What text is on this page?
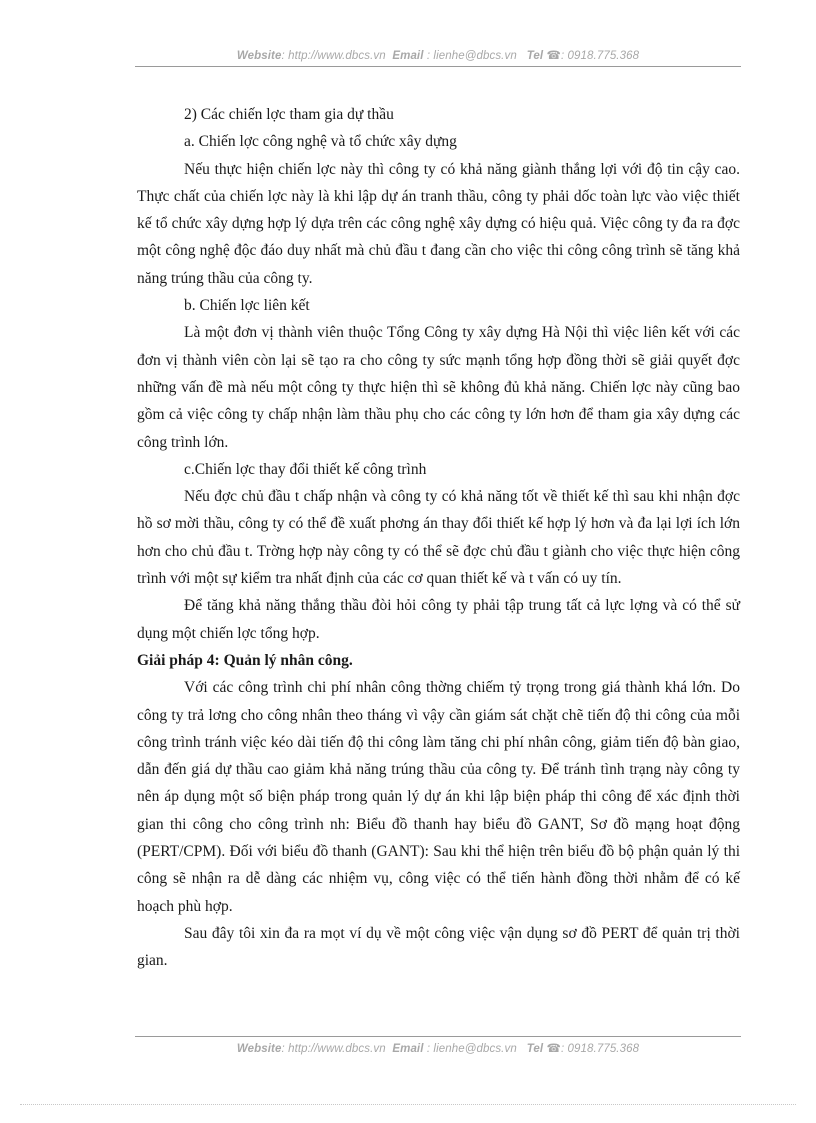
Website: http://www.dbcs.vn Email : lienhe@dbcs.vn Tel ☎: 0918.775.368

2) Các chiến lợc tham gia dự thầu

a. Chiến lợc công nghệ và tổ chức xây dựng

Nếu thực hiện chiến lợc này thì công ty có khả năng giành thắng lợi với độ tin cậy cao. Thực chất của chiến lợc này là khi lập dự án tranh thầu, công ty phải dốc toàn lực vào việc thiết kế tổ chức xây dựng hợp lý dựa trên các công nghệ xây dựng có hiệu quả. Việc công ty đa ra đợc một công nghệ độc đáo duy nhất mà chủ đầu t đang cần cho việc thi công công trình sẽ tăng khả năng trúng thầu của công ty.

b. Chiến lợc liên kết

Là một đơn vị thành viên thuộc Tổng Công ty xây dựng Hà Nội thì việc liên kết với các đơn vị thành viên còn lại sẽ tạo ra cho công ty sức mạnh tổng hợp đồng thời sẽ giải quyết đợc những vấn đề mà nếu một công ty thực hiện thì sẽ không đủ khả năng. Chiến lợc này cũng bao gồm cả việc công ty chấp nhận làm thầu phụ cho các công ty lớn hơn để tham gia xây dựng các công trình lớn.

c.Chiến lợc thay đổi thiết kế công trình

Nếu đợc chủ đầu t chấp nhận và công ty có khả năng tốt về thiết kế thì sau khi nhận đợc hồ sơ mời thầu, công ty có thể đề xuất phơng án thay đổi thiết kế hợp lý hơn và đa lại lợi ích lớn hơn cho chủ đầu t. Trờng hợp này công ty có thể sẽ đợc chủ đầu t giành cho việc thực hiện công trình với một sự kiểm tra nhất định của các cơ quan thiết kế và t vấn có uy tín.

Để tăng khả năng thắng thầu đòi hỏi công ty phải tập trung tất cả lực lợng và có thể sử dụng một chiến lợc tổng hợp.

Giải pháp 4: Quản lý nhân công.

Với các công trình chi phí nhân công thờng chiếm tỷ trọng trong giá thành khá lớn. Do công ty trả lơng cho công nhân theo tháng vì vậy cần giám sát chặt chẽ tiến độ thi công của mỗi công trình tránh việc kéo dài tiến độ thi công làm tăng chi phí nhân công, giảm tiến độ bàn giao, dẫn đến giá dự thầu cao giảm khả năng trúng thầu của công ty. Để tránh tình trạng này công ty nên áp dụng một số biện pháp trong quản lý dự án khi lập biện pháp thi công để xác định thời gian thi công cho công trình nh: Biểu đồ thanh hay biểu đồ GANT, Sơ đồ mạng hoạt động (PERT/CPM). Đối với biểu đồ thanh (GANT): Sau khi thể hiện trên biểu đồ bộ phận quản lý thi công sẽ nhận ra dễ dàng các nhiệm vụ, công việc có thể tiến hành đồng thời nhằm để có kế hoạch phù hợp.

Sau đây tôi xin đa ra mọt ví dụ về một công việc vận dụng sơ đồ PERT để quản trị thời gian.

Website: http://www.dbcs.vn Email : lienhe@dbcs.vn Tel ☎: 0918.775.368
